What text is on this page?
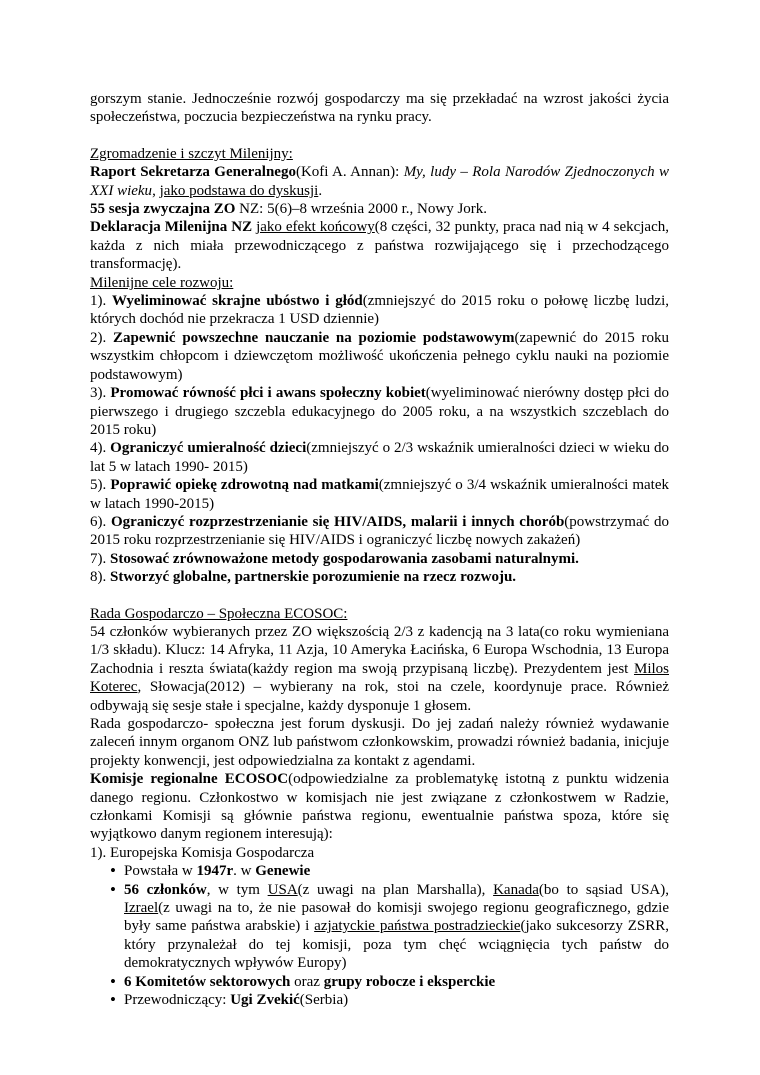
gorszym stanie. Jednocześnie rozwój gospodarczy ma się przekładać na wzrost jakości życia społeczeństwa, poczucia bezpieczeństwa na rynku pracy.

Zgromadzenie i szczyt Milenijny:

Raport Sekretarza Generalnego(Kofi A. Annan): My, ludy – Rola Narodów Zjednoczonych w XXI wieku, jako podstawa do dyskusji.

55 sesja zwyczajna ZO NZ: 5(6)–8 września 2000 r., Nowy Jork.

Deklaracja Milenijna NZ jako efekt końcowy(8 części, 32 punkty, praca nad nią w 4 sekcjach, każda z nich miała przewodniczącego z państwa rozwijającego się i przechodzącego transformację).

Milenijne cele rozwoju:

1). Wyeliminować skrajne ubóstwo i głód(zmniejszyć do 2015 roku o połowę liczbę ludzi, których dochód nie przekracza 1 USD dziennie)

2). Zapewnić powszechne nauczanie na poziomie podstawowym(zapewnić do 2015 roku wszystkim chłopcom i dziewczętom możliwość ukończenia pełnego cyklu nauki na poziomie podstawowym)

3). Promować równość płci i awans społeczny kobiet(wyeliminować nierówny dostęp płci do pierwszego i drugiego szczebla edukacyjnego do 2005 roku, a na wszystkich szczeblach do 2015 roku)

4). Ograniczyć umieralność dzieci(zmniejszyć o 2/3 wskaźnik umieralności dzieci w wieku do lat 5 w latach 1990- 2015)

5). Poprawić opiekę zdrowotną nad matkami(zmniejszyć o 3/4 wskaźnik umieralności matek w latach 1990-2015)

6). Ograniczyć rozprzestrzenianie się HIV/AIDS, malarii i innych chorób(powstrzymać do 2015 roku rozprzestrzenianie się HIV/AIDS i ograniczyć liczbę nowych zakażeń)

7). Stosować zrównoważone metody gospodarowania zasobami naturalnymi.

8). Stworzyć globalne, partnerskie porozumienie na rzecz rozwoju.

Rada Gospodarczo – Społeczna ECOSOC:

54 członków wybieranych przez ZO większością 2/3 z kadencją na 3 lata(co roku wymieniana 1/3 składu). Klucz: 14 Afryka, 11 Azja, 10 Ameryka Łacińska, 6 Europa Wschodnia, 13 Europa Zachodnia i reszta świata(każdy region ma swoją przypisaną liczbę). Prezydentem jest Milos Koterec, Słowacja(2012) – wybierany na rok, stoi na czele, koordynuje prace. Również odbywają się sesje stałe i specjalne, każdy dysponuje 1 głosem.

Rada gospodarczo- społeczna jest forum dyskusji. Do jej zadań należy również wydawanie zaleceń innym organom ONZ lub państwom członkowskim, prowadzi również badania, inicjuje projekty konwencji, jest odpowiedzialna za kontakt z agendami.

Komisje regionalne ECOSOC(odpowiedzialne za problematykę istotną z punktu widzenia danego regionu. Członkostwo w komisjach nie jest związane z członkostwem w Radzie, członkami Komisji są głównie państwa regionu, ewentualnie państwa spoza, które się wyjątkowo danym regionem interesują):

1). Europejska Komisja Gospodarcza

• Powstała w 1947r. w Genewie
• 56 członków, w tym USA(z uwagi na plan Marshalla), Kanada(bo to sąsiad USA), Izrael(z uwagi na to, że nie pasował do komisji swojego regionu geograficznego, gdzie były same państwa arabskie) i azjatyckie państwa postradzieckie(jako sukcesorzy ZSRR, który przynależał do tej komisji, poza tym chęć wciągnięcia tych państw do demokratycznych wpływów Europy)
• 6 Komitetów sektorowych oraz grupy robocze i eksperckie
• Przewodniczący: Ugi Zvekić(Serbia)
